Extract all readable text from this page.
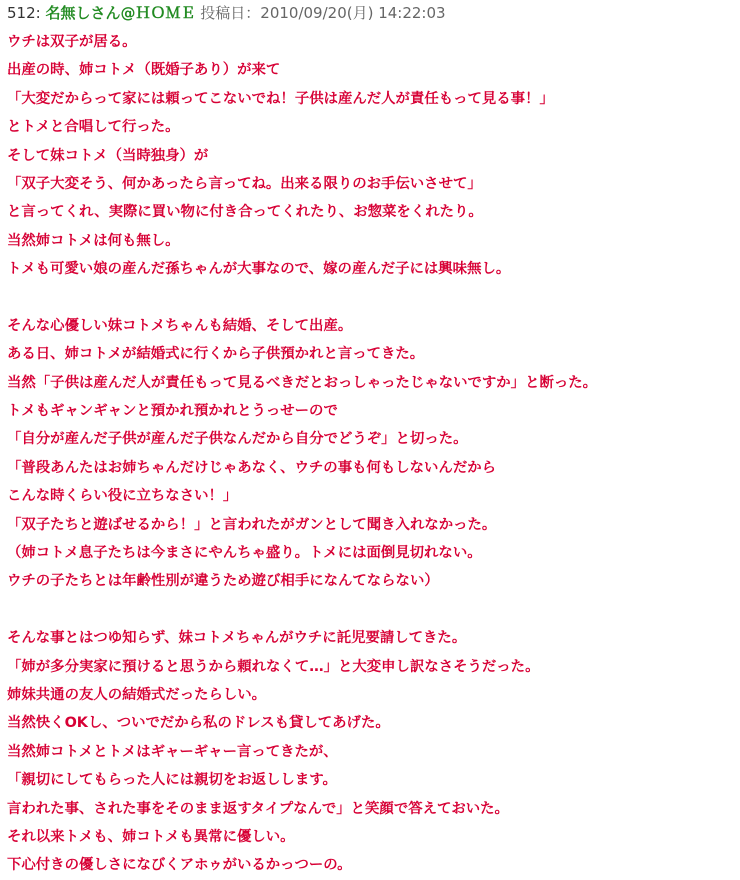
512: 名無しさん@ＨＯＭＥ 投稿日：2010/09/20(月) 14:22:03
ウチは双子が居る。
出産の時、姉コトメ（既婚子あり）が来て
「大変だからって家には頼ってこないでね！子供は産んだ人が責任もって見る事！」
とトメと合唱して行った。
そして妹コトメ（当時独身）が
「双子大変そう、何かあったら言ってね。出来る限りのお手伝いさせて」
と言ってくれ、実際に買い物に付き合ってくれたり、お惣菜をくれたり。
当然姉コトメは何も無し。
トメも可愛い娘の産んだ孫ちゃんが大事なので、嫁の産んだ子には興味無し。
そんな心優しい妹コトメちゃんも結婚、そして出産。
ある日、姉コトメが結婚式に行くから子供預かれと言ってきた。
当然「子供は産んだ人が責任もって見るべきだとおっしゃったじゃないですか」と断った。
トメもギャンギャンと預かれ預かれとうっせーので
「自分が産んだ子供が産んだ子供なんだから自分でどうぞ」と切った。
「普段あんたはお姉ちゃんだけじゃあなく、ウチの事も何もしないんだから
こんな時くらい役に立ちなさい！」
「双子たちと遊ばせるから！」と言われたがガンとして聞き入れなかった。
（姉コトメ息子たちは今まさにやんちゃ盛り。トメには面倒見切れない。
ウチの子たちとは年齢性別が違うため遊び相手になんてならない）
そんな事とはつゆ知らず、妹コトメちゃんがウチに託児要請してきた。
「姉が多分実家に預けると思うから頼れなくて…」と大変申し訳なさそうだった。
姉妹共通の友人の結婚式だったらしい。
当然快くOKし、ついでだから私のドレスも貸してあげた。
当然姉コトメとトメはギャーギャー言ってきたが、
「親切にしてもらった人には親切をお返しします。
言われた事、された事をそのまま返すタイプなんで」と笑顔で答えておいた。
それ以来トメも、姉コトメも異常に優しい。
下心付きの優しさになびくアホゥがいるかっつーの。
